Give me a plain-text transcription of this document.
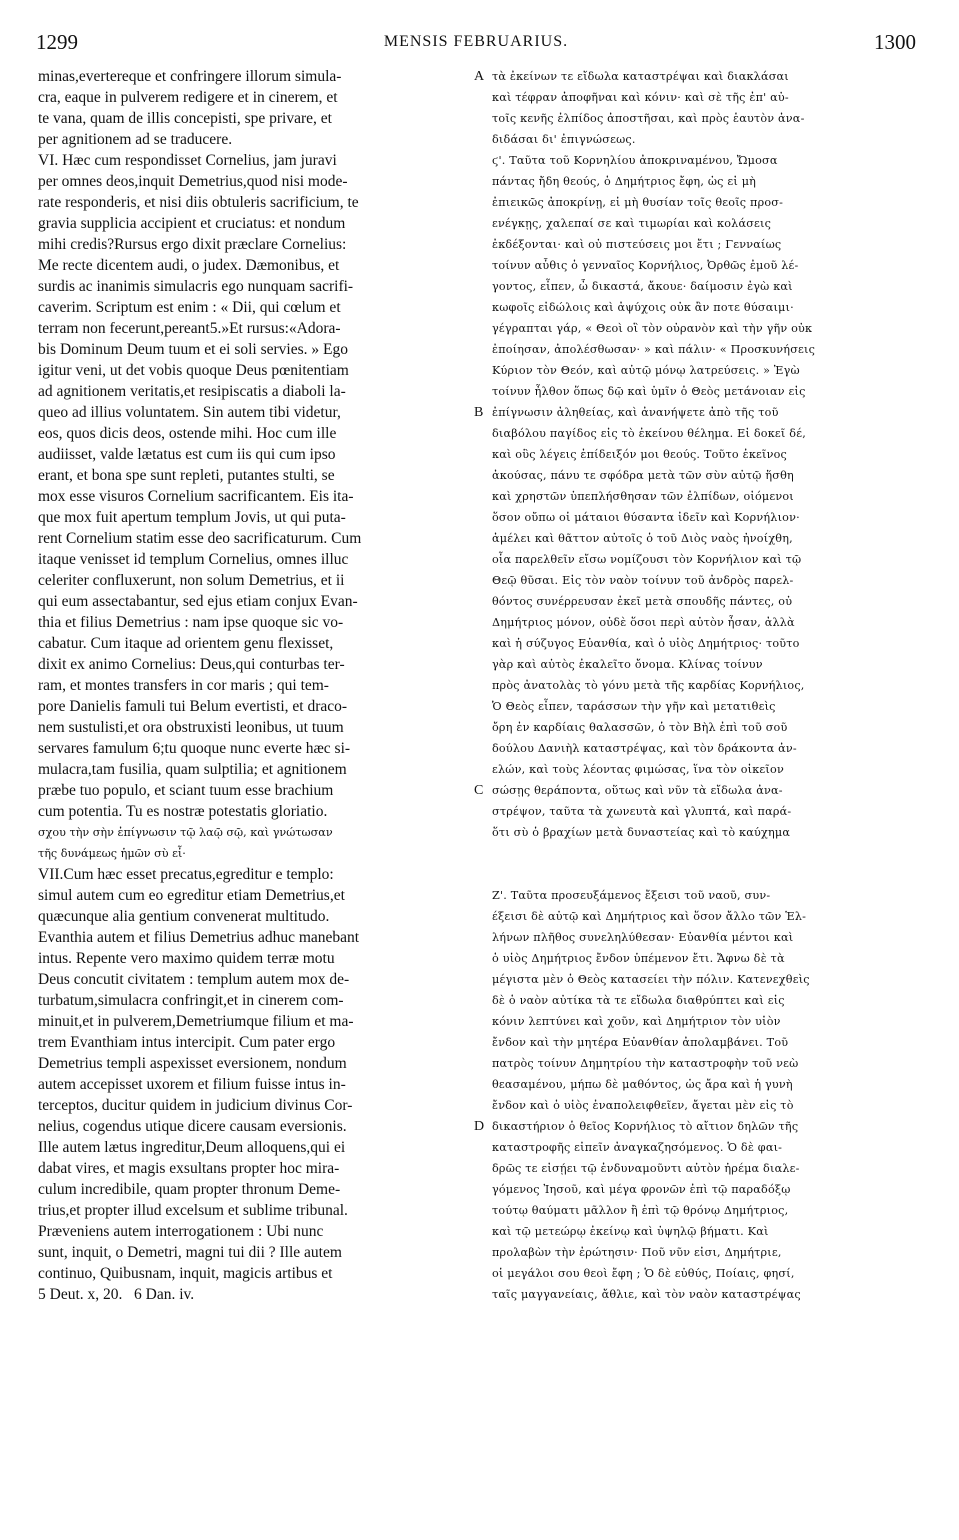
1299	MENSIS FEBRUARIUS.	1300
minas,evertereque et confringere illorum simula-
cra, eaque in pulverem redigere et in cinerem, et
te vana, quam de illis concepisti, spe privare, et
per agnitionem ad se traducere.
VI. Hæc cum respondisset Cornelius, jam juravi
per omnes deos,inquit Demetrius,quod nisi mode-
rate responderis, et nisi diis obtuleris sacrificium, te
gravia supplicia accipient et cruciatus: et nondum
mihi credis?Rursus ergo dixit præclare Cornelius:
Me recte dicentem audi, o judex. Dæmonibus, et
surdis ac inanimis simulacris ego nunquam sacrifi-
caverim. Scriptum est enim : « Dii, qui cœlum et
terram non fecerunt,pereant5.»Et rursus:«Adora-
bis Dominum Deum tuum et ei soli servies. » Ego
igitur veni, ut det vobis quoque Deus pœnitentiam
ad agnitionem veritatis,et resipiscatis a diaboli la-
queo ad illius voluntatem. Sin autem tibi videtur,
eos, quos dicis deos, ostende mihi. Hoc cum ille
audiisset, valde lætatus est cum iis qui cum ipso
erant, et bona spe sunt repleti, putantes stulti, se
mox esse visuros Cornelium sacrificantem. Eis ita-
que mox fuit apertum templum Jovis, ut qui puta-
rent Cornelium statim esse deo sacrificaturum. Cum
itaque venisset id templum Cornelius, omnes illuc
celeriter confluxerunt, non solum Demetrius, et ii
qui eum assectabantur, sed ejus etiam conjux Evan-
thia et filius Demetrius : nam ipse quoque sic vo-
cabatur. Cum itaque ad orientem genu flexisset,
dixit ex animo Cornelius: Deus,qui conturbas ter-
ram, et montes transfers in cor maris ; qui tem-
pore Danielis famuli tui Belum evertisti, et draco-
nem sustulisti,et ora obstruxisti leonibus, ut tuum
servares famulum 6;tu quoque nunc everte hæc si-
mulacra,tam fusilia, quam sulptilia; et agnitionem
præbe tuo populo, et sciant tuum esse brachium
cum potentia. Tu es nostræ potestatis gloriatio.
σχου τὴν σὴν ἐπίγνωσιν τῷ λαῷ σῷ, καὶ γνώτωσαν
τῆς δυνάμεως ἡμῶν σὺ εἶ·
VII.Cum hæc esset precatus,egreditur e templo:
simul autem cum eo egreditur etiam Demetrius,et
quæcunque alia gentium convenerat multitudo.
Evanthia autem et filius Demetrius adhuc manebant
intus. Repente vero maximo quidem terræ motu
Deus concutit civitatem : templum autem mox de-
turbatum,simulacra confringit,et in cinerem com-
minuit,et in pulverem,Demetriumque filium et ma-
trem Evanthiam intus intercipit. Cum pater ergo
Demetrius templi aspexisset eversionem, nondum
autem accepisset uxorem et filium fuisse intus in-
terceptos, ducitur quidem in judicium divinus Cor-
nelius, cogendus utique dicere causam eversionis.
Ille autem lætus ingreditur,Deum alloquens,qui ei
dabat vires, et magis exsultans propter hoc mira-
culum incredibile, quam propter thronum Deme-
trius,et propter illud excelsum et sublime tribunal.
Præveniens autem interrogationem : Ubi nunc
sunt, inquit, o Demetri, magni tui dii ? Ille autem
continuo, Quibusnam, inquit, magicis artibus et
5 Deut. x, 20.   6 Dan. iv.
τὰ ἐκείνων τε εἴδωλα καταστρέψαι καὶ διακλάσαι
καὶ τέφραν ἀποφῆναι καὶ κόνιν· καὶ σὲ τῆς ἐπ' αὐ-
τοῖς κενῆς ἐλπίδος ἀποστῆσαι, καὶ πρὸς ἑαυτὸν ἀνα-
διδάσαι δι' ἐπιγνώσεως.
ϛ'. Ταῦτα τοῦ Κορνηλίου ἀποκριναμένου, Ὤμοσα
πάντας ἤδη θεούς, ὁ Δημήτριος ἔφη, ὡς εἰ μὴ
ἐπιεικῶς ἀποκρίνῃ, εἰ μὴ θυσίαν τοῖς θεοῖς προσ-
ενέγκῃς, χαλεπαί σε καὶ τιμωρίαι καὶ κολάσεις
ἐκδέξονται· καὶ οὐ πιστεύσεις μοι ἔτι ; Γενναίως
τοίνυν αὖθις ὁ γενναῖος Κορνήλιος, Ὀρθῶς ἐμοῦ λέ-
γοντος, εἶπεν, ὦ δικαστά, ἄκουε· δαίμοσιν ἐγὼ καὶ
κωφοῖς εἰδώλοις καὶ ἀψύχοις οὐκ ἂν ποτε θύσαιμι·
γέγραπται γάρ, « Θεοὶ οἳ τὸν οὐρανὸν καὶ τὴν γῆν οὐκ
ἐποίησαν, ἀπολέσθωσαν· » καὶ πάλιν· « Προσκυνήσεις
Κύριον τὸν Θεόν, καὶ αὐτῷ μόνῳ λατρεύσεις. » Ἐγὼ
τοίνυν ἦλθον ὅπως δῷ καὶ ὑμῖν ὁ Θεὸς μετάνοιαν εἰς
ἐπίγνωσιν ἀληθείας, καὶ ἀνανήψετε ἀπὸ τῆς τοῦ
διαβόλου παγίδος εἰς τὸ ἐκείνου θέλημα. Εἰ δοκεῖ δέ,
καὶ οὓς λέγεις ἐπίδειξόν μοι θεούς. Τοῦτο ἐκεῖνος
ἀκούσας, πάνυ τε σφόδρα μετὰ τῶν σὺν αὐτῷ ἥσθη
καὶ χρηστῶν ὑπεπλήσθησαν τῶν ἐλπίδων, οἰόμενοι
ὅσον οὔπω οἱ μάταιοι θύσαντα ἰδεῖν καὶ Κορνήλιον·
ἀμέλει καὶ θᾶττον αὐτοῖς ὁ τοῦ Διὸς ναὸς ἠνοίχθη,
οἷα παρελθεῖν εἴσω νομίζουσι τὸν Κορνήλιον καὶ τῷ
Θεῷ θῦσαι. Εἰς τὸν ναὸν τοίνυν τοῦ ἀνδρὸς παρελ-
θόντος συνέρρευσαν ἐκεῖ μετὰ σπουδῆς πάντες, οὐ
Δημήτριος μόνον, οὐδὲ ὅσοι περὶ αὐτὸν ἦσαν, ἀλλὰ
καὶ ἡ σύζυγος Εὐανθία, καὶ ὁ υἱὸς Δημήτριος· τοῦτο
γὰρ καὶ αὐτὸς ἐκαλεῖτο ὄνομα. Κλίνας τοίνυν
πρὸς ἀνατολὰς τὸ γόνυ μετὰ τῆς καρδίας Κορνήλιος,
Ὁ Θεὸς εἶπεν, ταράσσων τὴν γῆν καὶ μετατιθεὶς
ὄρη ἐν καρδίαις θαλασσῶν, ὁ τὸν Βὴλ ἐπὶ τοῦ σοῦ
δούλου Δανιὴλ καταστρέψας, καὶ τὸν δράκοντα ἀν-
ελών, καὶ τοὺς λέοντας φιμώσας, ἵνα τὸν οἰκεῖον
σώσῃς θεράποντα, οὕτως καὶ νῦν τὰ εἴδωλα ἀνα-
στρέψον, ταῦτα τὰ χωνευτὰ καὶ γλυπτά, καὶ παρά-
ὅτι σὺ ὁ βραχίων μετὰ δυναστείας καὶ τὸ καύχημα
Ζ'. Ταῦτα προσευξάμενος ἔξεισι τοῦ ναοῦ, συν-
έξεισι δὲ αὐτῷ καὶ Δημήτριος καὶ ὅσον ἄλλο τῶν Ἑλ-
λήνων πλῆθος συνεληλύθεσαν· Εὐανθία μέντοι καὶ
ὁ υἱὸς Δημήτριος ἔνδον ὑπέμενον ἔτι. Ἄφνω δὲ τὰ
μέγιστα μὲν ὁ Θεὸς κατασείει τὴν πόλιν. Κατενεχθεὶς
δὲ ὁ ναὸν αὐτίκα τὰ τε εἴδωλα διαθρύπτει καὶ εἰς
κόνιν λεπτύνει καὶ χοῦν, καὶ Δημήτριον τὸν υἱὸν
ἔνδον καὶ τὴν μητέρα Εὐανθίαν ἀπολαμβάνει. Τοῦ
πατρὸς τοίνυν Δημητρίου τὴν καταστροφὴν τοῦ νεὼ
θεασαμένου, μήπω δὲ μαθόντος, ὡς ἄρα καὶ ἡ γυνὴ
ἔνδον καὶ ὁ υἱὸς ἐναπολειφθεῖεν, ἄγεται μὲν εἰς τὸ
δικαστήριον ὁ θεῖος Κορνήλιος τὸ αἴτιον δηλῶν τῆς
καταστροφῆς εἰπεῖν ἀναγκαζησόμενος. Ὁ δὲ φαι-
δρῶς τε εἰσῄει τῷ ἐνδυναμοῦντι αὐτὸν ἠρέμα διαλε-
γόμενος Ἰησοῦ, καὶ μέγα φρονῶν ἐπὶ τῷ παραδόξῳ
τούτῳ θαύματι μᾶλλον ἢ ἐπὶ τῷ θρόνῳ Δημήτριος,
καὶ τῷ μετεώρῳ ἐκείνῳ καὶ ὑψηλῷ βήματι. Καὶ
προλαβὼν τὴν ἐρώτησιν· Ποῦ νῦν εἰσι, Δημήτριε,
οἱ μεγάλοι σου θεοὶ ἔφη ; Ὁ δὲ εὐθύς, Ποίαις, φησί,
ταῖς μαγγανείαις, ἄθλιε, καὶ τὸν ναὸν καταστρέψας
A
B
C
D
